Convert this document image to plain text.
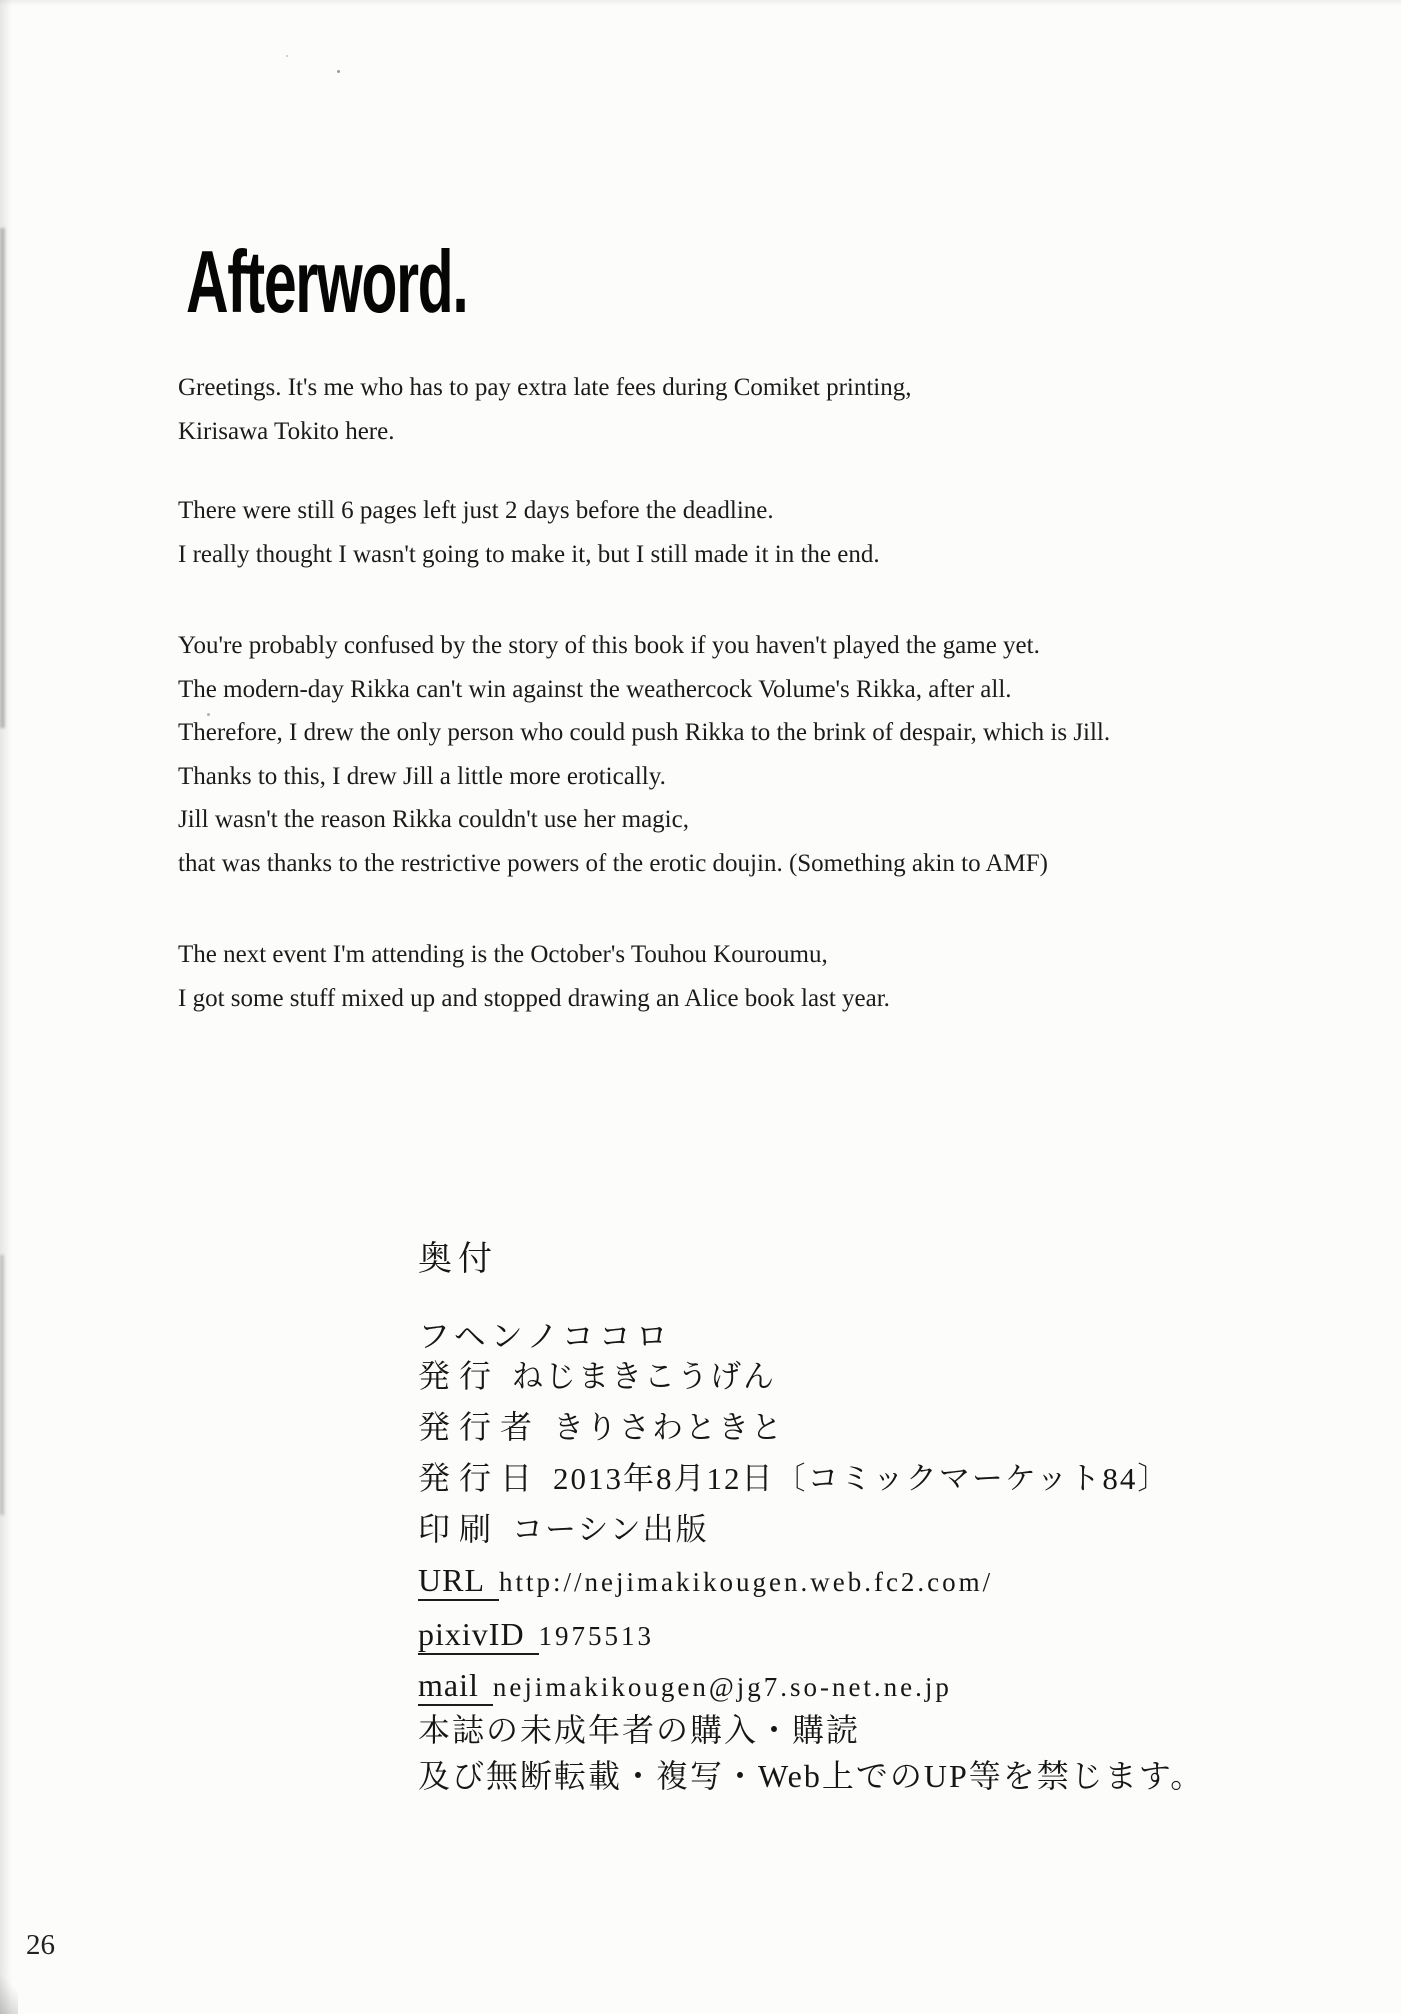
Afterword.
Greetings. It's me who has to pay extra late fees during Comiket printing,
Kirisawa Tokito here.
There were still 6 pages left just 2 days before the deadline.
I really thought I wasn't going to make it, but I still made it in the end.
You're probably confused by the story of this book if you haven't played the game yet.
The modern-day Rikka can't win against the weathercock Volume's Rikka, after all.
Therefore, I drew the only person who could push Rikka to the brink of despair, which is Jill.
Thanks to this, I drew Jill a little more erotically.
Jill wasn't the reason Rikka couldn't use her magic,
that was thanks to the restrictive powers of the erotic doujin. (Something akin to AMF)
The next event I'm attending is the October's Touhou Kouroumu,
I got some stuff mixed up and stopped drawing an Alice book last year.
奥付
フヘンノココロ
発行 ねじまきこうげん
発行者 きりさわときと
発行日 2013年8月12日〔コミックマーケット84〕
印刷 コーシン出版
URL http://nejimakikougen.web.fc2.com/
pixivID 1975513
mail nejimakikougen@jg7.so-net.ne.jp
本誌の未成年者の購入・購読
及び無断転載・複写・Web上でのUP等を禁じます。
26
